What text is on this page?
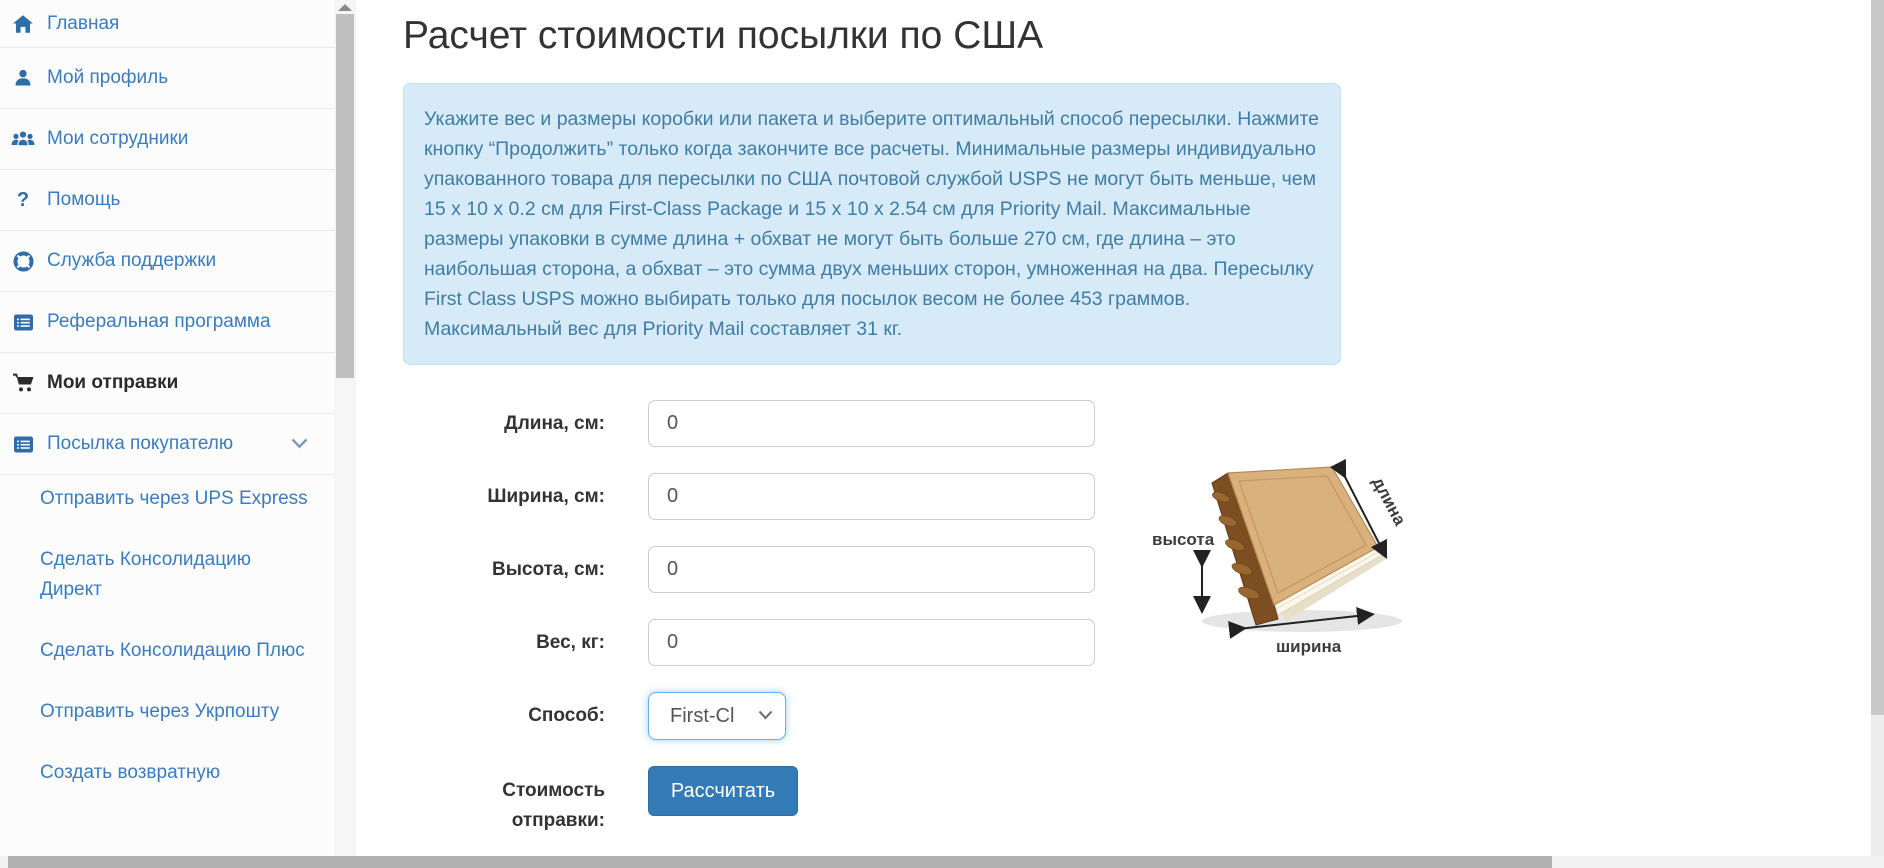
Главная
Мой профиль
Мои сотрудники
? Помощь
Служба поддержки
Реферальная программа
Мои отправки
Посылка покупателю
Отправить через UPS Express
Сделать Консолидацию Директ
Сделать Консолидацию Плюс
Отправить через Укрпошту
Создать возвратную
Расчет стоимости посылки по США

Укажите вес и размеры коробки или пакета и выберите оптимальный способ пересылки. Нажмите кнопку “Продолжить” только когда закончите все расчеты. Минимальные размеры индивидуально упакованного товара для пересылки по США почтовой службой USPS не могут быть меньше, чем 15 x 10 x 0.2 см для First-Class Package и 15 x 10 x 2.54 см для Priority Mail. Максимальные размеры упаковки в сумме длина + обхват не могут быть больше 270 см, где длина – это наибольшая сторона, а обхват – это сумма двух меньших сторон, умноженная на два. Пересылку First Class USPS можно выбирать только для посылок весом не более 453 граммов. Максимальный вес для Priority Mail составляет 31 кг.

Длина, см:
0
Ширина, см:
0
Высота, см:
0
Вес, кг:
0
Способ:	First-Cl
Стоимость
отправки:
Рассчитать
высота
длина
ширина
